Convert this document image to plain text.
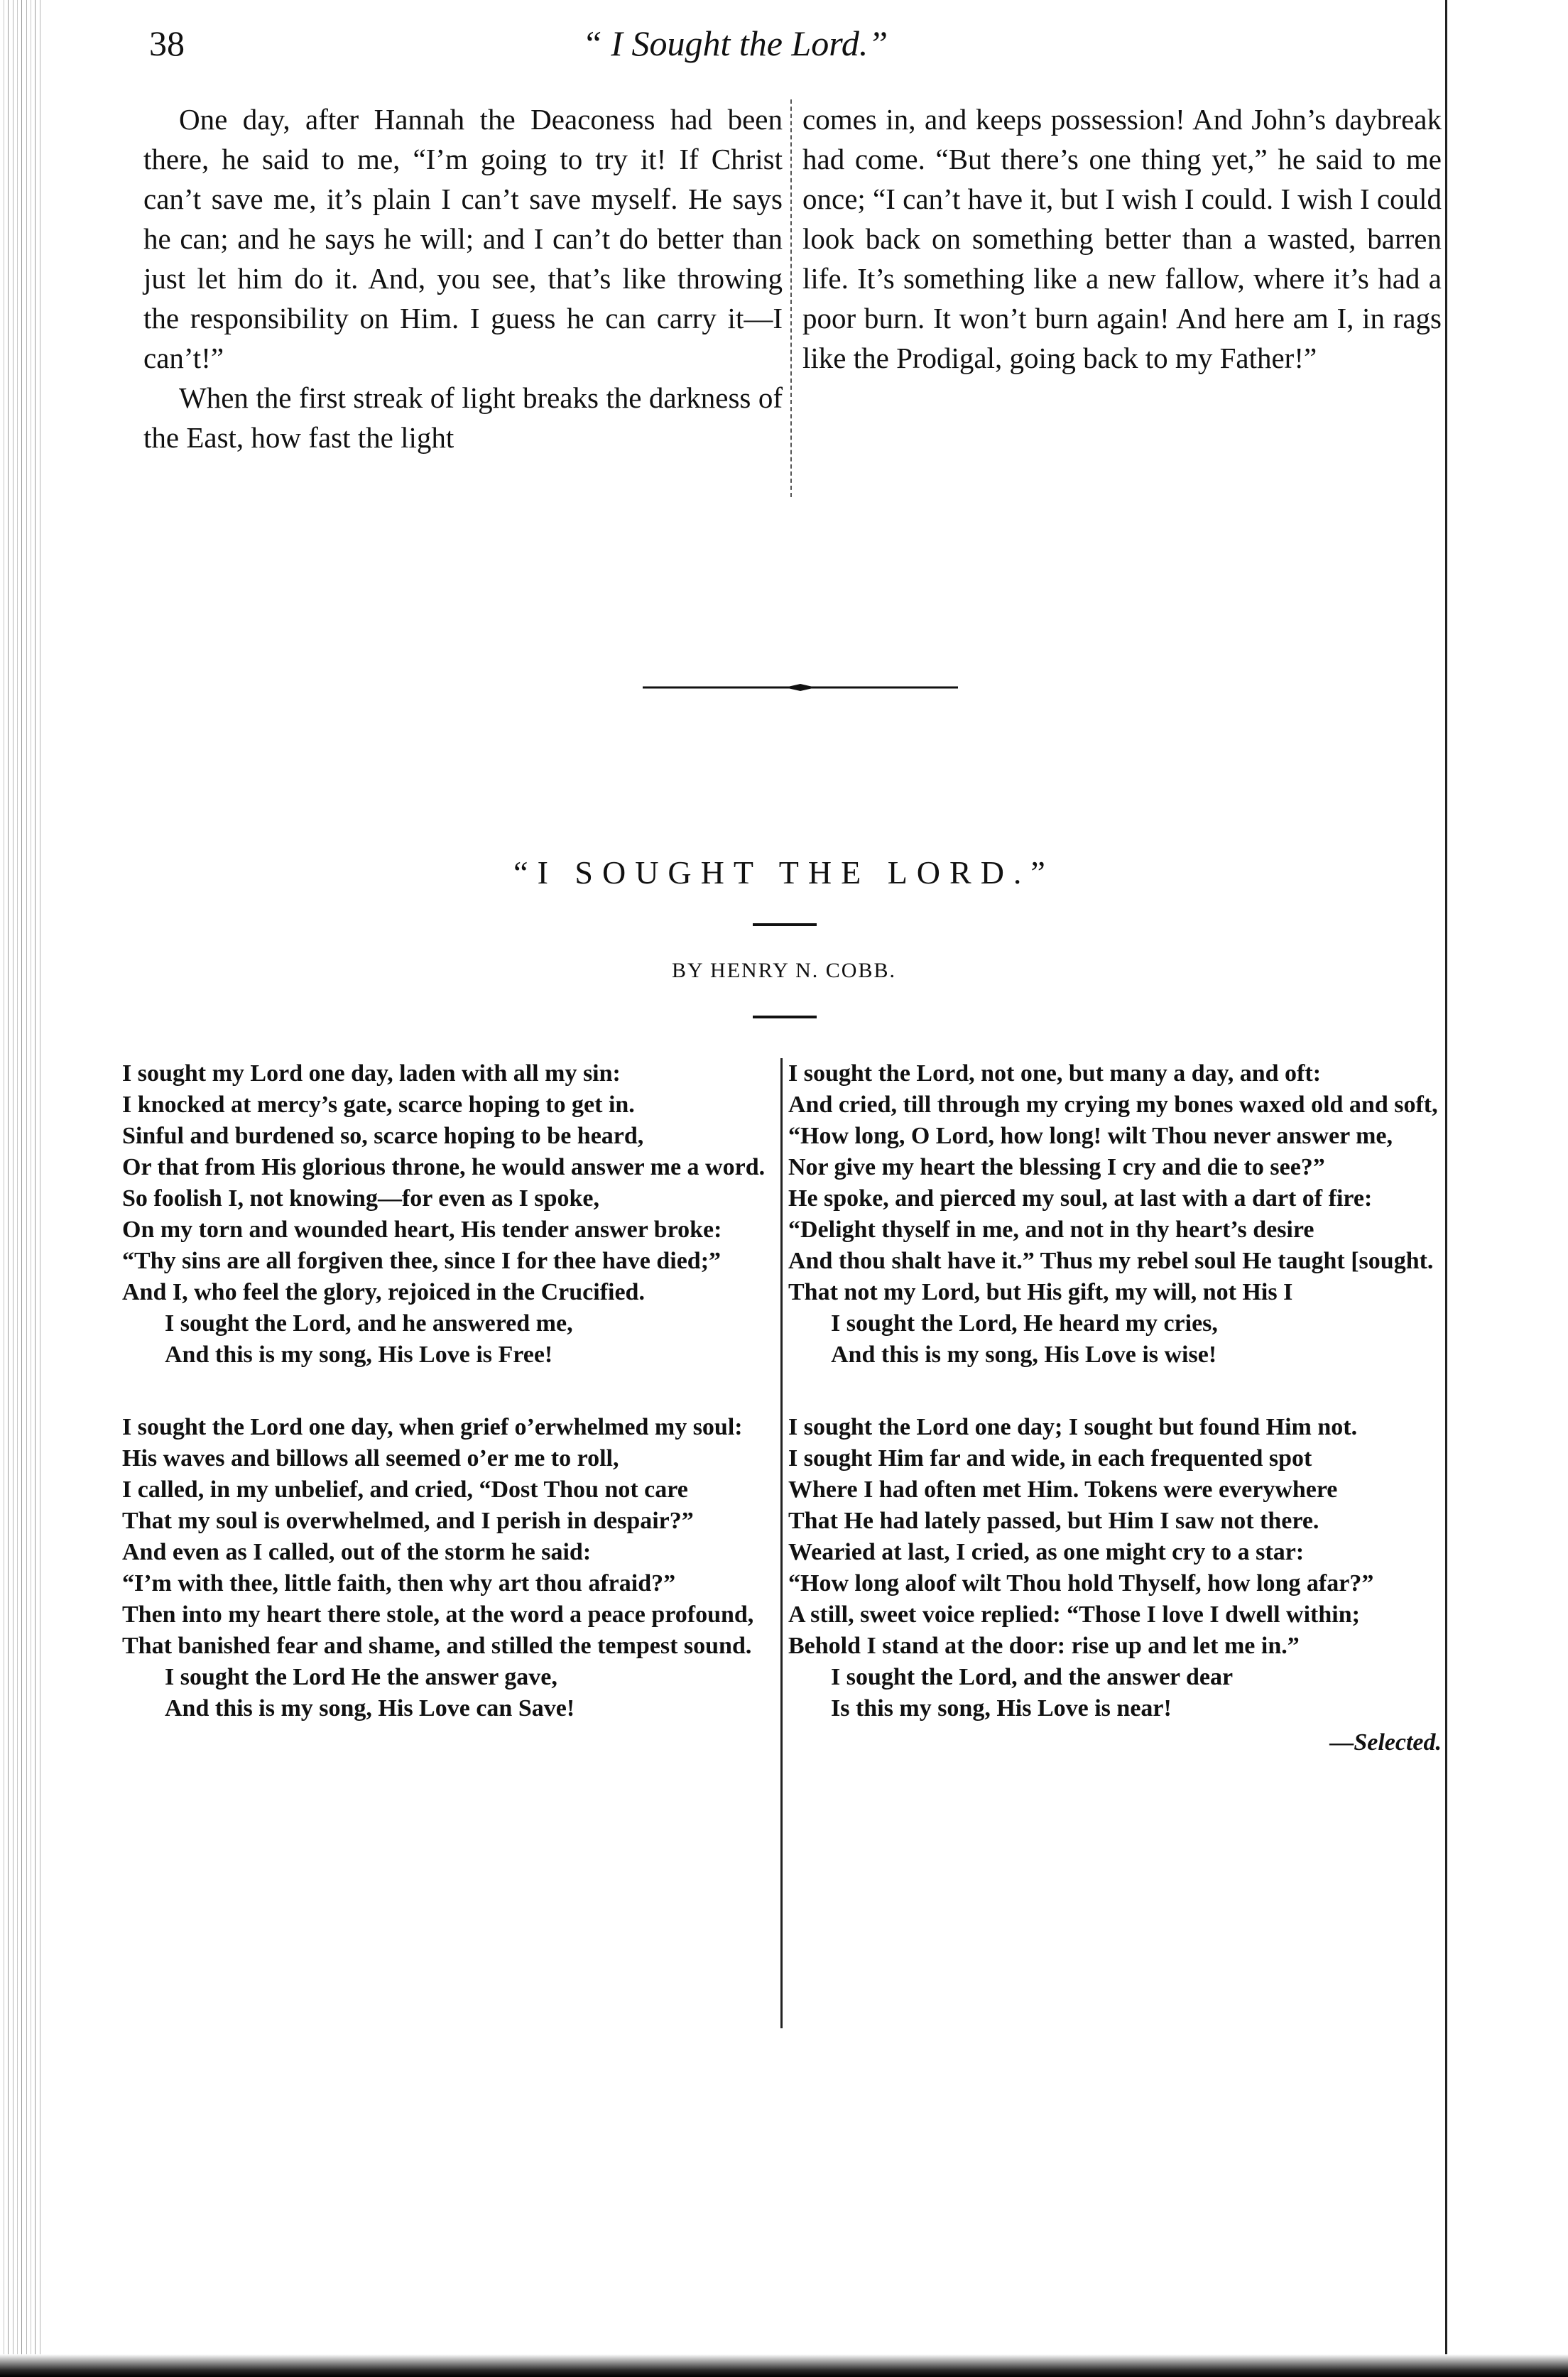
38	“ I Sought the Lord.”

One day, after Hannah the Deaconess had been there, he said to me, “I’m going to try it! If Christ can’t save me, it’s plain I can’t save myself. He says he can; and he says he will; and I can’t do better than just let him do it. And, you see, that’s like throwing the responsibility on Him. I guess he can carry it—I can’t!”

When the first streak of light breaks the darkness of the East, how fast the light

comes in, and keeps possession! And John’s daybreak had come. “But there’s one thing yet,” he said to me once; “I can’t have it, but I wish I could. I wish I could look back on something better than a wasted, barren life. It’s something like a new fallow, where it’s had a poor burn. It won’t burn again! And here am I, in rags like the Prodigal, going back to my Father!”

“I SOUGHT THE LORD.”
BY HENRY N. COBB.
I sought my Lord one day, laden with all my sin:
I knocked at mercy’s gate, scarce hoping to get in.
Sinful and burdened so, scarce hoping to be heard,
Or that from His glorious throne, he would answer me a word.
So foolish I, not knowing—for even as I spoke,
On my torn and wounded heart, His tender answer broke:
“Thy sins are all forgiven thee, since I for thee have died;”
And I, who feel the glory, rejoiced in the Crucified.
I sought the Lord, and he answered me,
And this is my song, His Love is Free!
I sought the Lord one day, when grief o’erwhelmed my soul:
His waves and billows all seemed o’er me to roll,
I called, in my unbelief, and cried, “Dost Thou not care
That my soul is overwhelmed, and I perish in despair?”
And even as I called, out of the storm he said:
“I’m with thee, little faith, then why art thou afraid?”
Then into my heart there stole, at the word a peace profound,
That banished fear and shame, and stilled the tempest sound.
I sought the Lord He the answer gave,
And this is my song, His Love can Save!
I sought the Lord, not one, but many a day, and oft:
And cried, till through my crying my bones waxed old and soft,
“How long, O Lord, how long! wilt Thou never answer me,
Nor give my heart the blessing I cry and die to see?”
He spoke, and pierced my soul, at last with a dart of fire:
“Delight thyself in me, and not in thy heart’s desire
And thou shalt have it.” Thus my rebel soul He taught [sought.
That not my Lord, but His gift, my will, not His I
I sought the Lord, He heard my cries,
And this is my song, His Love is wise!
I sought the Lord one day; I sought but found Him not.
I sought Him far and wide, in each frequented spot
Where I had often met Him. Tokens were everywhere
That He had lately passed, but Him I saw not there.
Wearied at last, I cried, as one might cry to a star:
“How long aloof wilt Thou hold Thyself, how long afar?”
A still, sweet voice replied: “Those I love I dwell within;
Behold I stand at the door: rise up and let me in.”
I sought the Lord, and the answer dear
Is this my song, His Love is near!
—Selected.
